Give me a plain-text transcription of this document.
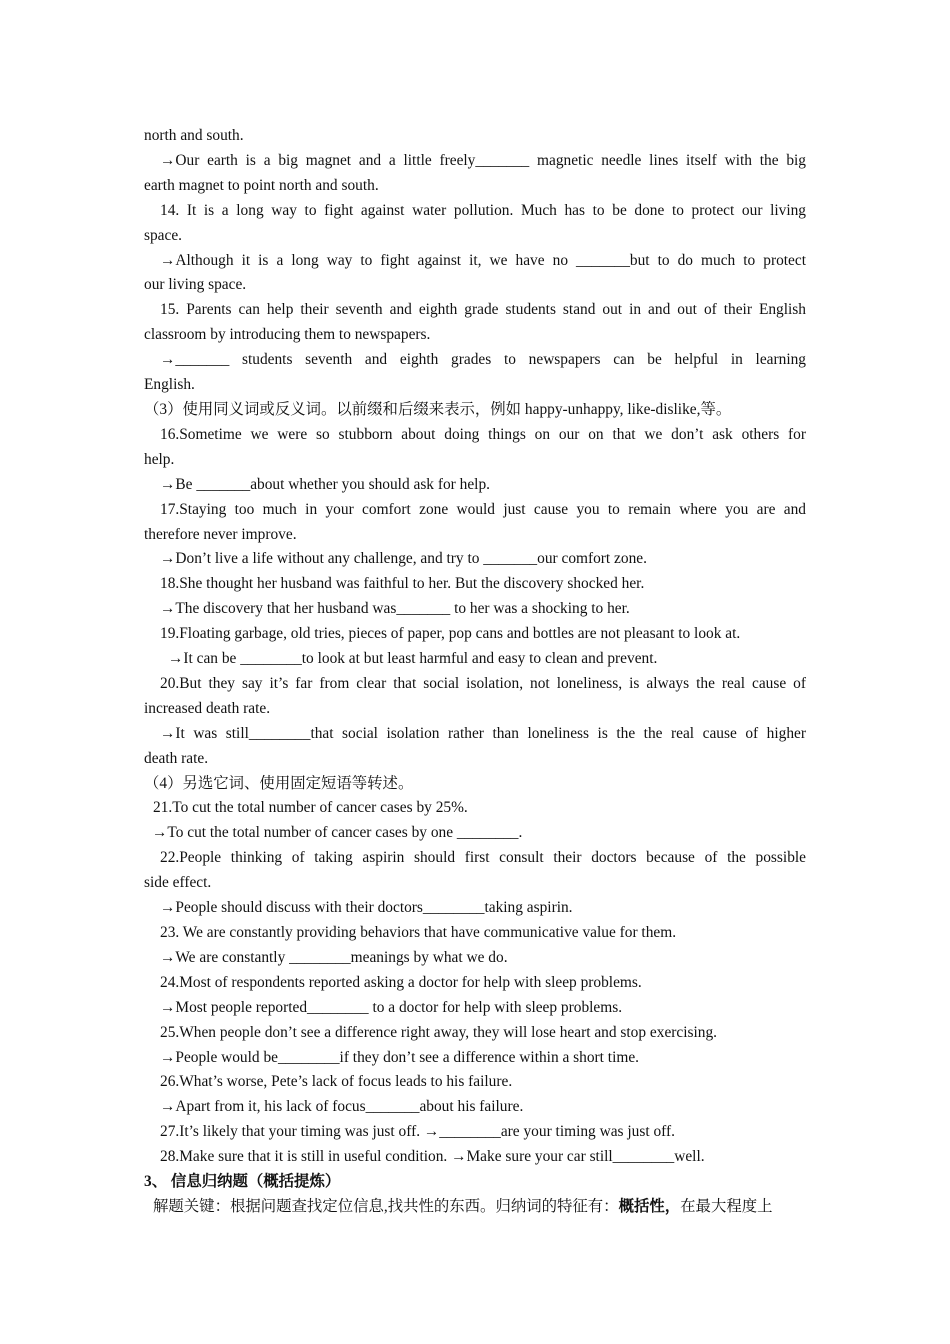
north and south.
→Our earth is a big magnet and a little freely_______ magnetic needle lines itself with the big
earth magnet to point north and south.
14. It is a long way to fight against water pollution. Much has to be done to protect our living
space.
→Although it is a long way to fight against it, we have no _______but to do much to protect
our living space.
15. Parents can help their seventh and eighth grade students stand out in and out of their English
classroom by introducing them to newspapers.
→_______ students seventh and eighth grades to newspapers can be helpful in learning
English.
（3）使用同义词或反义词。以前缀和后缀来表示，例如 happy-unhappy, like-dislike,等。
16.Sometime we were so stubborn about doing things on our on that we don’t ask others for
help.
→Be _______about whether you should ask for help.
17.Staying too much in your comfort zone would just cause you to remain where you are and
therefore never improve.
→Don’t live a life without any challenge, and try to _______our comfort zone.
18.She thought her husband was faithful to her. But the discovery shocked her.
→The discovery that her husband was_______ to her was a shocking to her.
19.Floating garbage, old tries, pieces of paper, pop cans and bottles are not pleasant to look at.
→It can be ________to look at but least harmful and easy to clean and prevent.
20.But they say it’s far from clear that social isolation, not loneliness, is always the real cause of
increased death rate.
→It was still________that social isolation rather than loneliness is the the real cause of higher
death rate.
（4）另选它词、使用固定短语等转述。
21.To cut the total number of cancer cases by 25%.
→To cut the total number of cancer cases by one ________.
22.People thinking of taking aspirin should first consult their doctors because of the possible
side effect.
→People should discuss with their doctors________taking aspirin.
23. We are constantly providing behaviors that have communicative value for them.
→We are constantly ________meanings by what we do.
24.Most of respondents reported asking a doctor for help with sleep problems.
→Most people reported________ to a doctor for help with sleep problems.
25.When people don’t see a difference right away, they will lose heart and stop exercising.
→People would be________if they don’t see a difference within a short time.
26.What’s worse, Pete’s lack of focus leads to his failure.
→Apart from it, his lack of focus_______about his failure.
27.It’s likely that your timing was just off. →________are your timing was just off.
28.Make sure that it is still in useful condition. →Make sure your car still________well.
3、 信息归纳题（概括提炼）
解题关键：根据问题查找定位信息,找共性的东西。归纳词的特征有：概括性，在最大程度上
